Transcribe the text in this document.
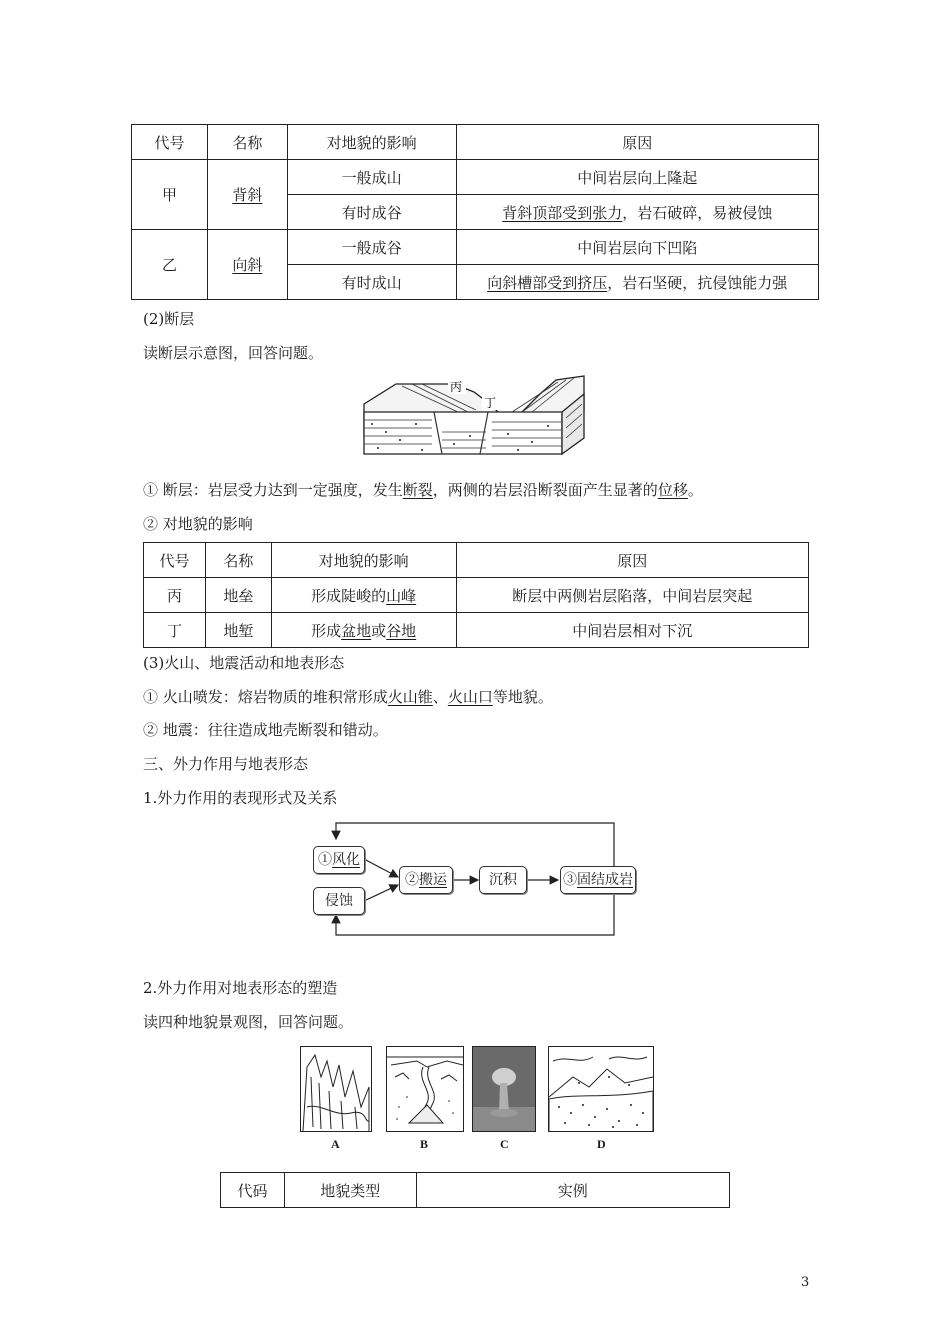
代号	名称	对地貌的影响	原因
甲	背斜	一般成山	中间岩层向上隆起
		有时成谷	背斜顶部受到张力，岩石破碎，易被侵蚀
乙	向斜	一般成谷	中间岩层向下凹陷
		有时成山	向斜槽部受到挤压，岩石坚硬，抗侵蚀能力强
(2)断层
读断层示意图，回答问题。
丙
丁
① 断层：岩层受力达到一定强度，发生断裂，两侧的岩层沿断裂面产生显著的位移。
② 对地貌的影响
代号	名称	对地貌的影响	原因
丙	地垒	形成陡峻的山峰	断层中两侧岩层陷落，中间岩层突起
丁	地堑	形成盆地或谷地	中间岩层相对下沉
(3)火山、地震活动和地表形态
① 火山喷发：熔岩物质的堆积常形成火山锥、火山口等地貌。
② 地震：往往造成地壳断裂和错动。
三、外力作用与地表形态
1.外力作用的表现形式及关系
①风化
侵蚀
②搬运	沉积	③固结成岩
2.外力作用对地表形态的塑造
读四种地貌景观图，回答问题。
A	B	C	D
代码	地貌类型	实例
3
